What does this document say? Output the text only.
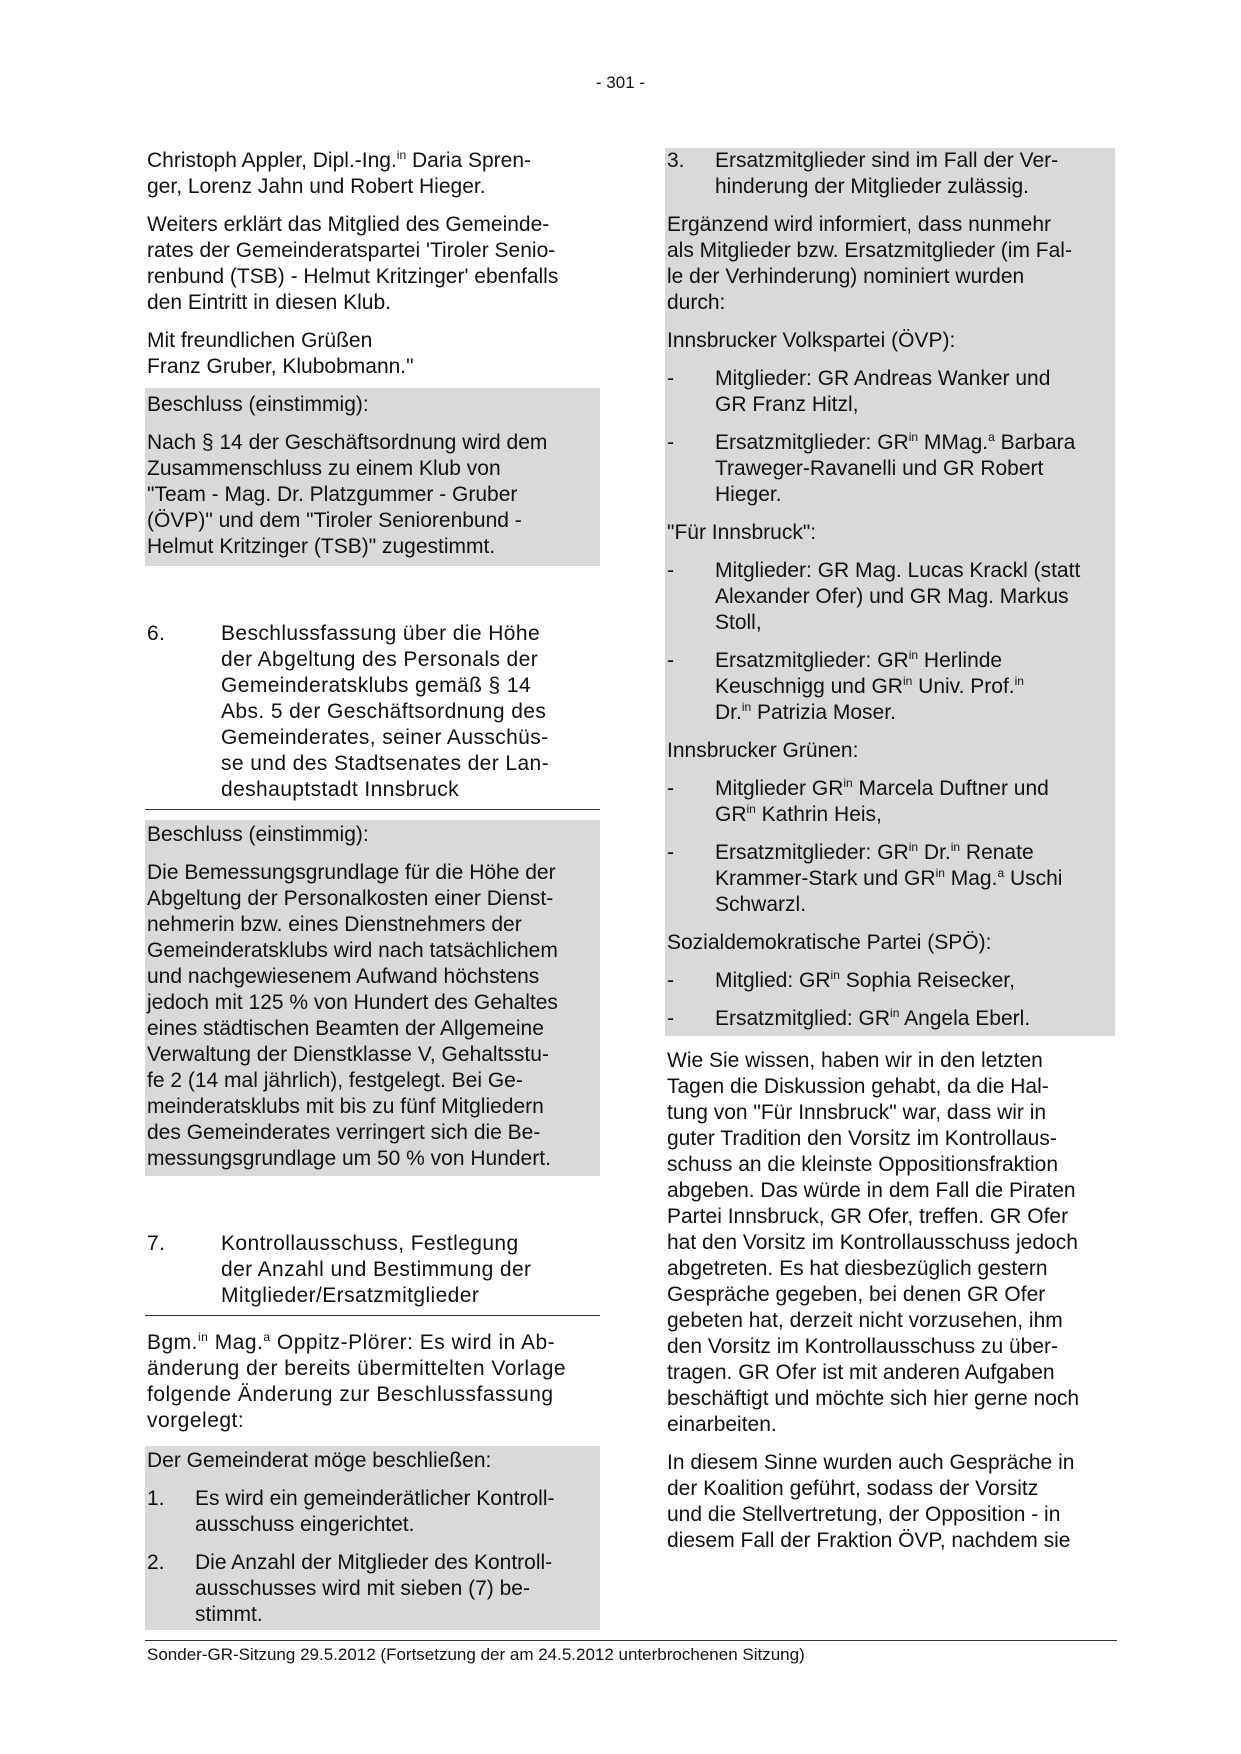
- 301 -

Christoph Appler, Dipl.-Ing.$^{in}$ Daria Spren-
ger, Lorenz Jahn und Robert Hieger.

Weiters erklärt das Mitglied des Gemeinde-
rates der Gemeinderatspartei 'Tiroler Senio-
renbund (TSB) - Helmut Kritzinger' ebenfalls
den Eintritt in diesen Klub.

Mit freundlichen Grüßen
Franz Gruber, Klubobmann."

Beschluss (einstimmig):
Nach § 14 der Geschäftsordnung wird dem
Zusammenschluss zu einem Klub von
"Team - Mag. Dr. Platzgummer - Gruber
(ÖVP)" und dem "Tiroler Seniorenbund -
Helmut Kritzinger (TSB)" zugestimmt.
6.	Beschlussfassung über die Höhe
der Abgeltung des Personals der
Gemeinderatsklubs gemäß § 14
Abs. 5 der Geschäftsordnung des
Gemeinderates, seiner Ausschüs-
se und des Stadtsenates der Lan-
deshauptstadt Innsbruck
Beschluss (einstimmig):
Die Bemessungsgrundlage für die Höhe der
Abgeltung der Personalkosten einer Dienst-
nehmerin bzw. eines Dienstnehmers der
Gemeinderatsklubs wird nach tatsächlichem
und nachgewiesenem Aufwand höchstens
jedoch mit 125 % von Hundert des Gehaltes
eines städtischen Beamten der Allgemeine
Verwaltung der Dienstklasse V, Gehaltsstu-
fe 2 (14 mal jährlich), festgelegt. Bei Ge-
meinderatsklubs mit bis zu fünf Mitgliedern
des Gemeinderates verringert sich die Be-
messungsgrundlage um 50 % von Hundert.
7.	Kontrollausschuss, Festlegung
der Anzahl und Bestimmung der
Mitglieder/Ersatzmitglieder

Bgm.$^{in}$ Mag.$^a$ Oppitz-Plörer: Es wird in Ab-
änderung der bereits übermittelten Vorlage
folgende Änderung zur Beschlussfassung
vorgelegt:

Der Gemeinderat möge beschließen:
1.	Es wird ein gemeinderätlicher Kontroll-
ausschuss eingerichtet.
2.	Die Anzahl der Mitglieder des Kontroll-
ausschusses wird mit sieben (7) be-
stimmt.
3.	Ersatzmitglieder sind im Fall der Ver-
hinderung der Mitglieder zulässig.
Ergänzend wird informiert, dass nunmehr
als Mitglieder bzw. Ersatzmitglieder (im Fal-
le der Verhinderung) nominiert wurden
durch:
Innsbrucker Volkspartei (ÖVP):
-	Mitglieder: GR Andreas Wanker und
GR Franz Hitzl,
-	Ersatzmitglieder: $GR^{in}$ MMag.$^a$ Barbara
Traweger-Ravanelli und GR Robert
Hieger.
"Für Innsbruck":
-	Mitglieder: GR Mag. Lucas Krackl (statt
Alexander Ofer) und GR Mag. Markus
Stoll,
-	Ersatzmitglieder: $GR^{in}$ Herlinde
Keuschnigg und $GR^{in}$ Univ. Prof.$^{in}$
Dr.$^{in}$ Patrizia Moser.
Innsbrucker Grünen:
-	Mitglieder $GR^{in}$ Marcela Duftner und
$GR^{in}$ Kathrin Heis,
-	Ersatzmitglieder: $GR^{in}$ Dr.$^{in}$ Renate
Krammer-Stark und $GR^{in}$ Mag.$^a$ Uschi
Schwarzl.
Sozialdemokratische Partei (SPÖ):
-	Mitglied: $GR^{in}$ Sophia Reisecker,
-	Ersatzmitglied: $GR^{in}$ Angela Eberl.

Wie Sie wissen, haben wir in den letzten
Tagen die Diskussion gehabt, da die Hal-
tung von "Für Innsbruck" war, dass wir in
guter Tradition den Vorsitz im Kontrollaus-
schuss an die kleinste Oppositionsfraktion
abgeben. Das würde in dem Fall die Piraten
Partei Innsbruck, GR Ofer, treffen. GR Ofer
hat den Vorsitz im Kontrollausschuss jedoch
abgetreten. Es hat diesbezüglich gestern
Gespräche gegeben, bei denen GR Ofer
gebeten hat, derzeit nicht vorzusehen, ihm
den Vorsitz im Kontrollausschuss zu über-
tragen. GR Ofer ist mit anderen Aufgaben
beschäftigt und möchte sich hier gerne noch
einarbeiten.

In diesem Sinne wurden auch Gespräche in
der Koalition geführt, sodass der Vorsitz
und die Stellvertretung, der Opposition - in
diesem Fall der Fraktion ÖVP, nachdem sie

Sonder-GR-Sitzung 29.5.2012 (Fortsetzung der am 24.5.2012 unterbrochenen Sitzung)
